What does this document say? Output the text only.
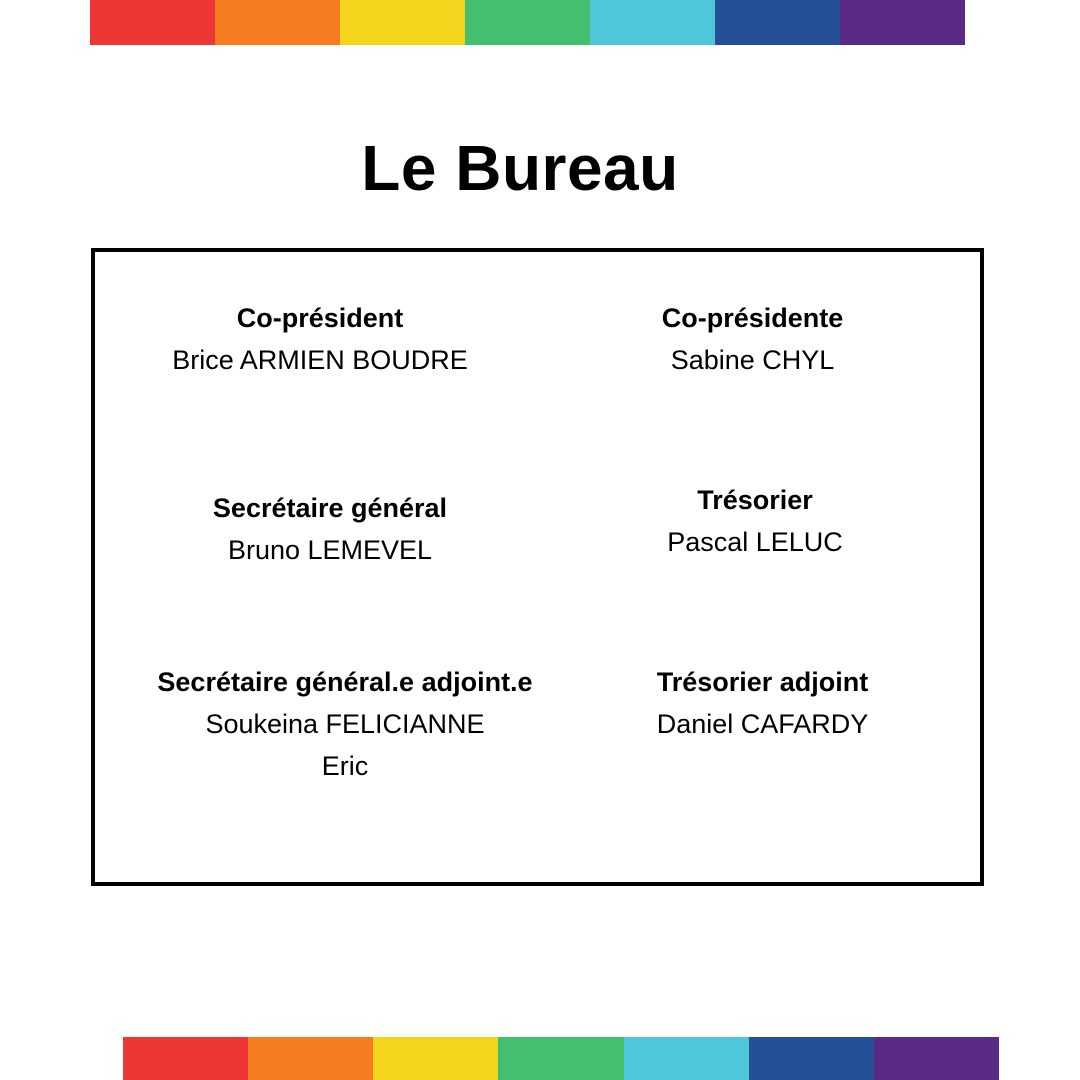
Le Bureau
Co-président
Brice ARMIEN BOUDRE
Co-présidente
Sabine CHYL
Secrétaire général
Bruno LEMEVEL
Trésorier
Pascal LELUC
Secrétaire général.e adjoint.e
Soukeina FELICIANNE
Eric
Trésorier adjoint
Daniel CAFARDY
